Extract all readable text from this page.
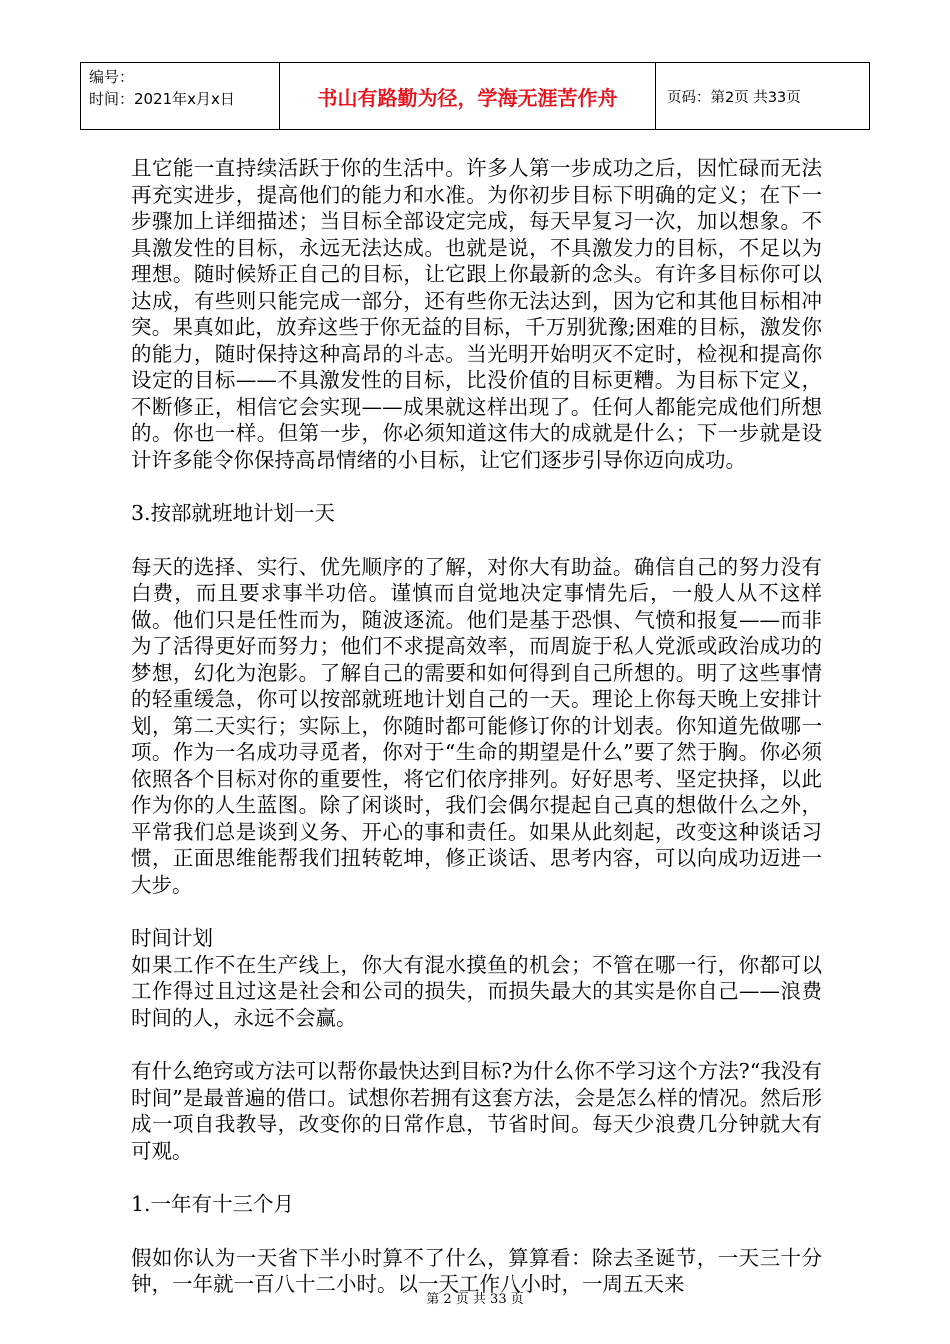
编号：
时间：2021年x月x日	书山有路勤为径，学海无涯苦作舟	页码：第2页 共33页

且它能一直持续活跃于你的生活中。许多人第一步成功之后，因忙碌而无法再充实进步，提高他们的能力和水准。为你初步目标下明确的定义；在下一步骤加上详细描述；当目标全部设定完成，每天早复习一次，加以想象。不具激发性的目标，永远无法达成。也就是说，不具激发力的目标，不足以为理想。随时候矫正自己的目标，让它跟上你最新的念头。有许多目标你可以达成，有些则只能完成一部分，还有些你无法达到，因为它和其他目标相冲突。果真如此，放弃这些于你无益的目标，千万别犹豫;困难的目标，激发你的能力，随时保持这种高昂的斗志。当光明开始明灭不定时，检视和提高你设定的目标——不具激发性的目标，比没价值的目标更糟。为目标下定义，不断修正，相信它会实现——成果就这样出现了。任何人都能完成他们所想的。你也一样。但第一步，你必须知道这伟大的成就是什么；下一步就是设计许多能令你保持高昂情绪的小目标，让它们逐步引导你迈向成功。

3.按部就班地计划一天

每天的选择、实行、优先顺序的了解，对你大有助益。确信自己的努力没有白费，而且要求事半功倍。谨慎而自觉地决定事情先后，一般人从不这样做。他们只是任性而为，随波逐流。他们是基于恐惧、气愤和报复——而非为了活得更好而努力；他们不求提高效率，而周旋于私人党派或政治成功的梦想，幻化为泡影。了解自己的需要和如何得到自己所想的。明了这些事情的轻重缓急，你可以按部就班地计划自己的一天。理论上你每天晚上安排计划，第二天实行；实际上，你随时都可能修订你的计划表。你知道先做哪一项。作为一名成功寻觅者，你对于“生命的期望是什么”要了然于胸。你必须依照各个目标对你的重要性，将它们依序排列。好好思考、坚定抉择，以此作为你的人生蓝图。除了闲谈时，我们会偶尔提起自己真的想做什么之外，平常我们总是谈到义务、开心的事和责任。如果从此刻起，改变这种谈话习惯，正面思维能帮我们扭转乾坤，修正谈话、思考内容，可以向成功迈进一大步。

时间计划

如果工作不在生产线上，你大有混水摸鱼的机会；不管在哪一行，你都可以工作得过且过这是社会和公司的损失，而损失最大的其实是你自己——浪费时间的人，永远不会赢。

有什么绝窍或方法可以帮你最快达到目标?为什么你不学习这个方法?“我没有时间”是最普遍的借口。试想你若拥有这套方法，会是怎么样的情况。然后形成一项自我教导，改变你的日常作息，节省时间。每天少浪费几分钟就大有可观。

1.一年有十三个月

假如你认为一天省下半小时算不了什么，算算看：除去圣诞节，一天三十分钟，一年就一百八十二小时。以一天工作八小时，一周五天来

第 2 页 共 33 页
